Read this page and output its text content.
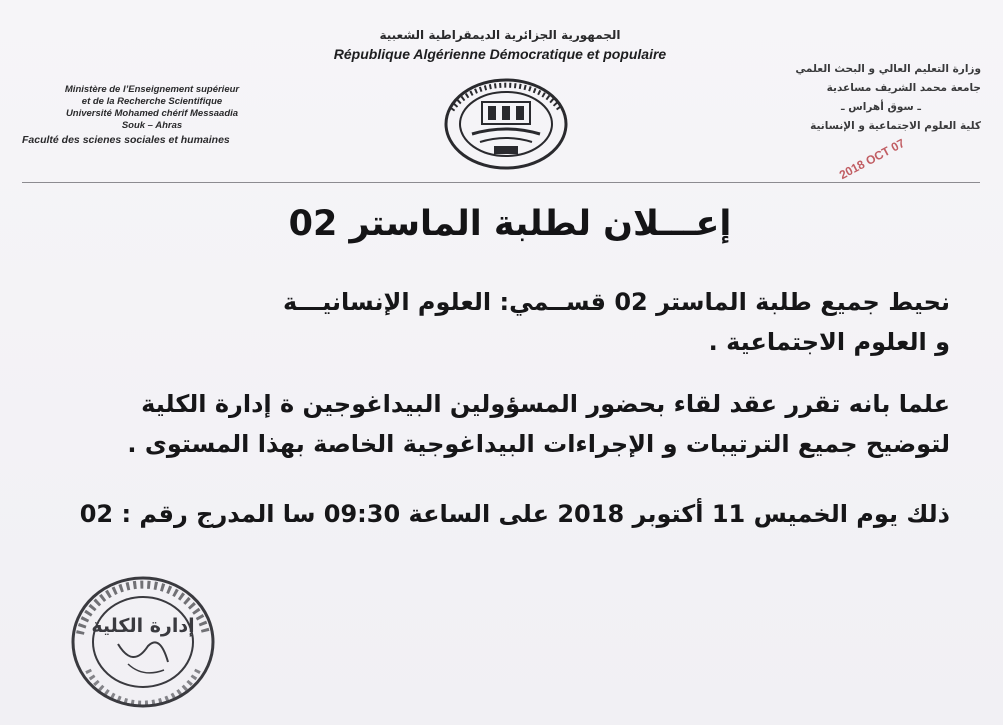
الجمهورية الجزائرية الديمقراطية الشعبية
République Algérienne Démocratique et populaire
Ministère de l’Enseignement supérieur
et de la Recherche Scientifique
Université Mohamed chérif Messaadia
Souk – Ahras
Faculté des scienes sociales et humaines
وزارة التعليم العالي و البحث العلمي
جامعة محمد الشريف مساعدية
ـ سوق أهراس ـ
كلية العلوم الاجتماعية و الإنسانية
2018 OCT 07
إعـــلان لطلبة الماستر 02
نحيط جميع طلبة الماستر 02 قســمي: العلوم الإنسانيـــة
و العلوم الاجتماعية .
علما بانه تقرر عقد لقاء بحضور المسؤولين البيداغوجين ة إدارة الكلية
لتوضيح جميع الترتيبات و الإجراءات البيداغوجية الخاصة بهذا المستوى .
ذلك يوم الخميس 11 أكتوبر 2018 على الساعة 09:30 سا المدرج رقم : 02
إدارة الكلية
